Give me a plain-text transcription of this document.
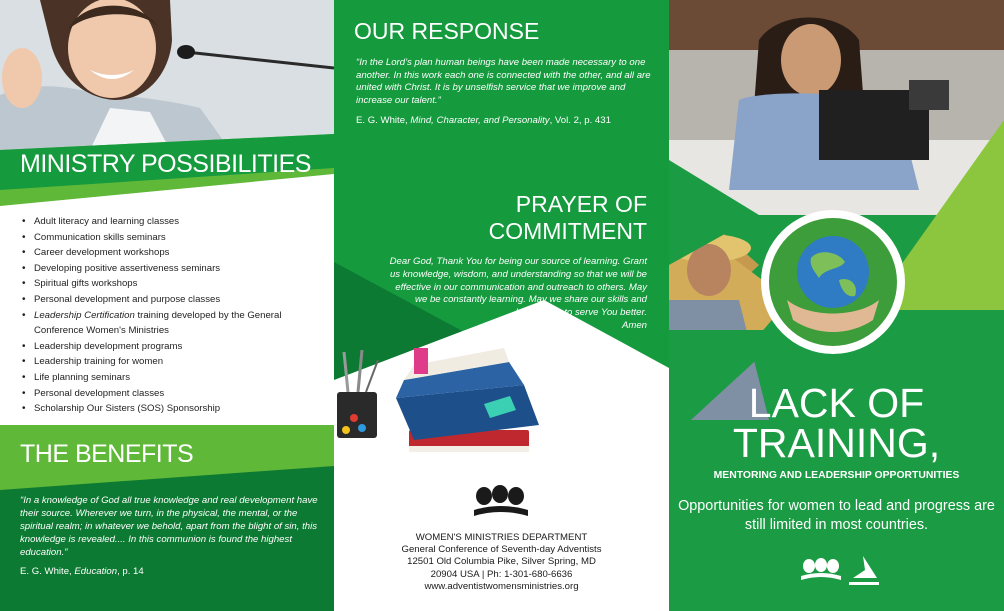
MINISTRY POSSIBILITIES
• Adult literacy and learning classes
• Communication skills seminars
• Career development workshops
• Developing positive assertiveness seminars
• Spiritual gifts workshops
• Personal development and purpose classes
• Leadership Certification training developed by the General Conference Women's Ministries
• Leadership development programs
• Leadership training for women
• Life planning seminars
• Personal development classes
• Scholarship Our Sisters (SOS) Sponsorship
THE BENEFITS

“In a knowledge of God all true knowledge and real development have their source. Wherever we turn, in the physical, the mental, or the spiritual realm; in whatever we behold, apart from the blight of sin, this knowledge is revealed.... In this communion is found the highest education.”

E. G. White, Education, p. 14
OUR RESPONSE

“In the Lord’s plan human beings have been made necessary to one another. In this work each one is connected with the other, and all are united with Christ. It is by unselfish service that we improve and increase our talent.”

E. G. White, Mind, Character, and Personality, Vol. 2, p. 431
PRAYER OF
COMMITMENT

Dear God, Thank You for being our source of learning. Grant us knowledge, wisdom, and understanding so that we will be effective in our communication and outreach to others. May we be constantly learning. May we share our skills and knowledge to serve You better.
Amen

WOMEN'S MINISTRIES DEPARTMENT
General Conference of Seventh-day Adventists
12501 Old Columbia Pike, Silver Spring, MD
20904 USA | Ph: 1-301-680-6636
www.adventistwomensministries.org
LACK OF
TRAINING,
MENTORING AND LEADERSHIP OPPORTUNITIES
Opportunities for women to lead and progress are still limited in most countries.
